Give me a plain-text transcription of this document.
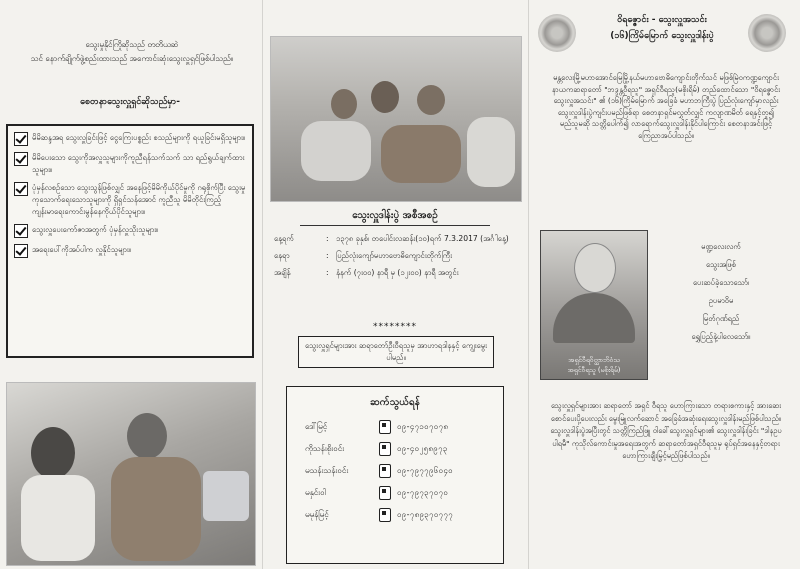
သွေးမှုနိုင်ကြိုဆိုသည် တတိယဆဲ
သင် နောက်ချိုက်ဖွဲ့စည်းထားသည် အကောင်းဆုံးသွေးလှူရှင်ဖြစ်ပါသည်။
စေတနာသွေးလှူရှင်ဆိုသည်မှာ-
မိမိဆန္ဒအရ သွေးလှူခြင်းဖြင့် ငွေကြေးပစ္စည်း စသည်များကို ရယူခြင်းမရှိသူများ။
မိမိပေးသော သွေးကိုအလှူသူများကိုကူညီရန်သက်သက် သာ ရည်ရွယ်ချက်ထားသူများ။
ပုံမှန်လစဉ်သော သွေးသွန်ဖြစ်လျှင် အနေဖြင့်မိမိကိုယ်ပိုင်မှုကို ဂရုစိုက်ပြီး သွေးမှုကုသောက်ရေးသောသူများကို ရှိရှင်သန်အောင် ကူညီသူ မိမိတိုင်းကြည့်ကျန်းမာရေးကောင်းမွန်နေကိုယ်ပိုင်သူများ။
သွေးလှူပေးကော်ဇာအတွက် ပုံမှန်လှူသိုးသူများ။
အရေးပေါ်ကိုအပ်ပါက လှူနိုင်သူများ။
သွေးလှူဒါန်းပွဲ အစီအစဉ်
နေ့ရက်	: ၁၃၇၈ ခုနှစ်၊ တပေါင်းလဆန်း(၁၀)ရက် 7.3.2017 (အင်္ဂါနေ့)
နေရာ	: ပြည်လုံးကျော်မဟာဗောဓိကျောင်းတိုက်ကြီး
အချိန်	: နံနက် (၇း၀၀) နာရီ မှ (၁၂း၀၀) နာရီ အတွင်း
********
သွေးလှူရှင်များအား ဆရာတော်ဦးဝီရသူမှ အာဟာရဒါနနှင့် ကျွေးမွေးပါမည်။
ဆက်သွယ်ရန်
ဒေါ်မြင့်	၀၉-၄၇၁၀၇၀၇၈
ကိုသန်းစိုးဝင်း	၀၉-၄၀၂၅၈၉၇၃
မသန်းသန်းဝင်း	၀၉-၇၉၇၇၉၆၀၄၀
မနှင်းဝါ	၀၉-၇၉၇၃၇၀၇၀
မမုန်မြင့်	၀၉-၇၈၉၃၇၀၇၇၇
ဝိရဇ္ဇောင်း - သွေးလှူအသင်း
(၁၆)ကြိမ်မြောက် သွေးလှူဒါန်းပွဲ
မန္တလေးမြို့မဟာအောင်မြေမြို့နယ်မဟာဗောဓိကျောင်းတိုက်သင် မဖြစ်မြဲဝကဏ္ဍကျောင်းနာယကဆရာတော် "ဘဒ္ဒန္တဝီရသူ" အရှင်ဝီရသူ(မစိုးရိမ်) တည်ထောင်သော "ဝိရဇ္ဇောင်းသွေးလှူအသင်း" ၏ (၁၆)ကြိမ်မြောက် အခြေခံ မဟာဘကြီးပွဲ ပြည်လုံးကျော်မှာလည်း သွေးလှူဒါန်းပွဲကျင်းပမည်ဖြစ်ရာ စေတနာရှင်မလွှတ်လျှင် ကလျာဏမိတ် ရေနှင့်တူ၍ မည်သူမဆို သတ္တိပေါက်၍ လာရောက်သွေးလှူဒါန်းနိုင်ပါကြောင်း စေတနာအင်းဖြင့် ကြေညာအပ်ပါသည်။
အရှင်ဝီရဝိတ္ထာဘိဝံသ
အရှင်ဝီရသူ (မစိုးရိမ်)
မဏ္ဍလေးလက်
သွေးအဖြစ်
ပေးဆပ်ခဲ့သောသော်၊
ဥပမာဝိမ
မြတ်ဂုဏ်ရည်
ရွှေပြည့်နဲ့ပါလေသော်။
သွေးလှူရှင်များအား ဆရာတော် အရှင် ဝီရသူ ဟောကြားသော တရားစကားနှင့် အားဆေးစောင်ပေးပို့ပေးလည်း မွေးမြူလက်ဆောင် အခြေခံအဆုံးရေးသွေးလှူဒါန်းမည်ဖြစ်ပါသည်။ သွေးလှူဒါန်းပွဲအပြီးတွင် သတ္တိကြည်ဖြူ ဝါခေါ်သွေးလှူရှင်များ၏ သွေးလှူဒါန်းခြင်း "ဒါနဥပပါရမီ" ကုသိုလ်ကောင်းမှုအရေးအတွက် ဆရာတော်အရှင်ဝီရသူမှ ရုပ်ရှင်အနေနှင့်တရား ဟောကြားချီးမြှင့်မည်ဖြစ်ပါသည်။
